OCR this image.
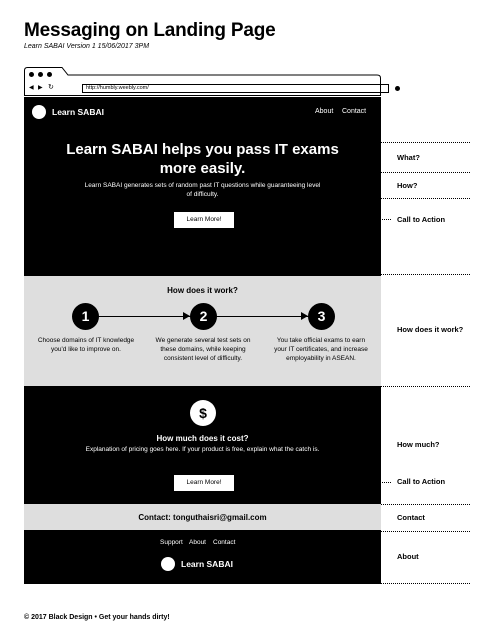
Messaging on Landing Page
Learn SABAI Version 1 15/06/2017 3PM
◀ ▶ ↻	http://humbly.weebly.com/
Learn SABAI	About Contact
Learn SABAI helps you pass IT exams more easily.
Learn SABAI generates sets of random past IT questions while guaranteeing level of difficulty.
Learn More!
How does it work?
1	2	3
Choose domains of IT knowledge you'd like to improve on.
We generate several test sets on these domains, while keeping consistent level of difficulty.
You take official exams to earn your IT certificates, and increase employability in ASEAN.
$
How much does it cost?
Explanation of pricing goes here. If your product is free, explain what the catch is.
Learn More!
Contact: tonguthaisri@gmail.com
Support About Contact
Learn SABAI
What?
How?
Call to Action
How does it work?
How much?
Call to Action
Contact
About
© 2017 Black Design • Get your hands dirty!
